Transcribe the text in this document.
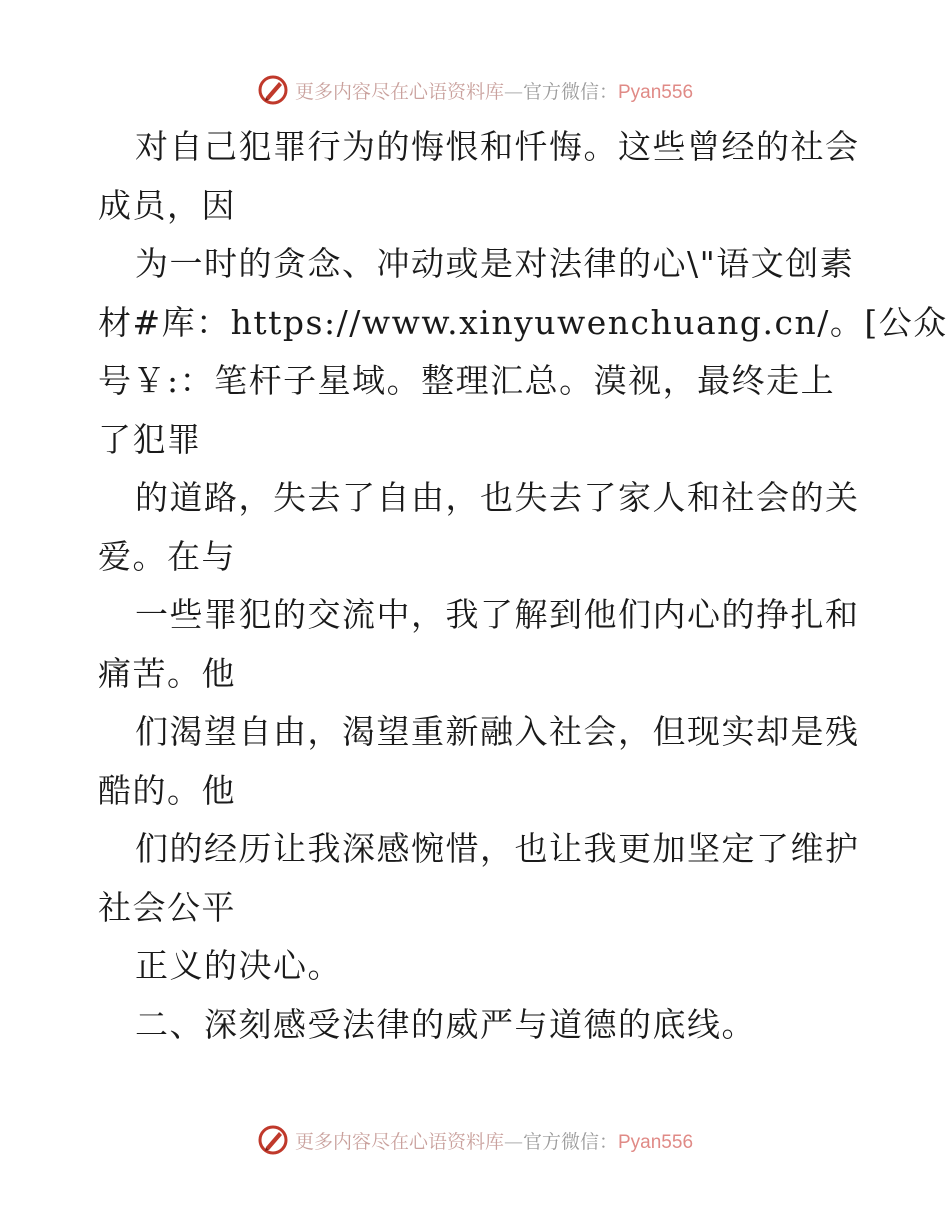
更多内容尽在心语资料库—官方微信：Pyan556
对自己犯罪行为的悔恨和忏悔。这些曾经的社会
成员，因
为一时的贪念、冲动或是对法律的心\"语文创素
材#库：https://www.xinyuwenchuang.cn/。[公众
号￥:：笔杆子星域。整理汇总。漠视，最终走上
了犯罪
的道路，失去了自由，也失去了家人和社会的关
爱。在与
一些罪犯的交流中，我了解到他们内心的挣扎和
痛苦。他
们渴望自由，渴望重新融入社会，但现实却是残
酷的。他
们的经历让我深感惋惜，也让我更加坚定了维护
社会公平
正义的决心。
二、深刻感受法律的威严与道德的底线。
更多内容尽在心语资料库—官方微信：Pyan556
